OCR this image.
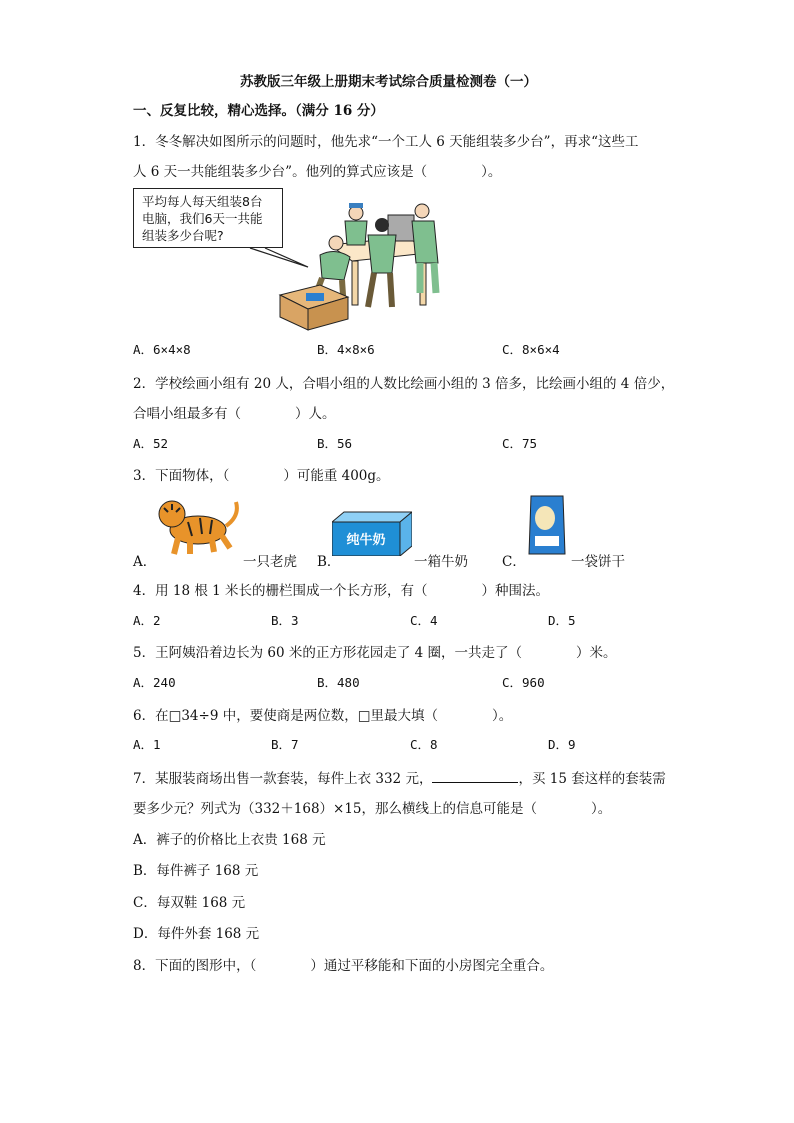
苏教版三年级上册期末考试综合质量检测卷（一）
一、反复比较，精心选择。（满分 16 分）
1．冬冬解决如图所示的问题时，他先求“一个工人 6 天能组装多少台”，再求“这些工
人 6 天一共能组装多少台”。他列的算式应该是（　　　　）。
平均每人每天组装8台
电脑，我们6天一共能
组装多少台呢?
A．6×4×8	B．4×8×6	C．8×6×4
2．学校绘画小组有 20 人，合唱小组的人数比绘画小组的 3 倍多，比绘画小组的 4 倍少，
合唱小组最多有（　　　　）人。
A．52	B．56	C．75
3．下面物体，（　　　　）可能重 400g。
纯牛奶
A．	一只老虎 B．	一箱牛奶	C．	一袋饼干
4．用 18 根 1 米长的栅栏围成一个长方形，有（　　　　）种围法。
A．2	B．3	C．4	D．5
5．王阿姨沿着边长为 60 米的正方形花园走了 4 圈，一共走了（　　　　）米。
A．240	B．480	C．960
6．在□34÷9 中，要使商是两位数，□里最大填（　　　　）。
A．1	B．7	C．8	D．9
7．某服装商场出售一款套装，每件上衣 332 元，	，买 15 套这样的套装需
要多少元？列式为（332＋168）×15，那么横线上的信息可能是（　　　　）。
A．裤子的价格比上衣贵 168 元
B．每件裤子 168 元
C．每双鞋 168 元
D．每件外套 168 元
8．下面的图形中，（　　　　）通过平移能和下面的小房图完全重合。
